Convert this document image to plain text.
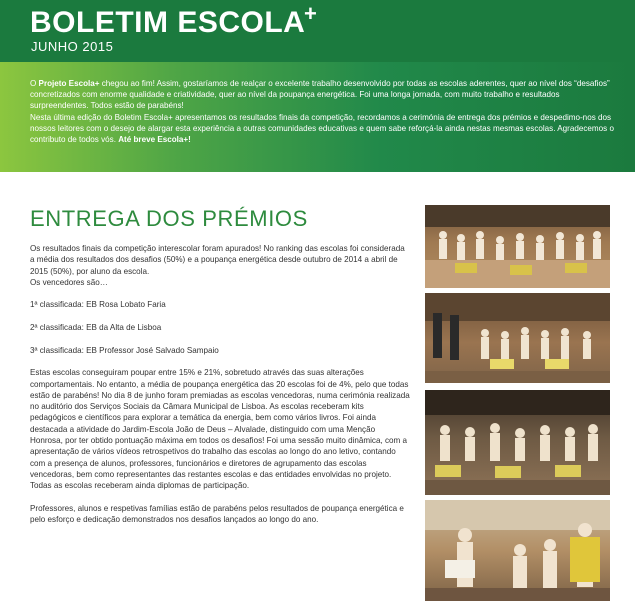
BOLETIM ESCOLA
+
JUNHO 2015

O Projeto Escola+ chegou ao fim! Assim, gostaríamos de realçar o excelente trabalho desenvolvido por todas as escolas aderentes, quer ao nível dos “desafios” concretizados com enorme qualidade e criatividade, quer ao nível da poupança energética. Foi uma longa jornada, com muito trabalho e resultados surpreendentes. Todos estão de parabéns!

Nesta última edição do Boletim Escola+ apresentamos os resultados finais da competição, recordamos a cerimónia de entrega dos prémios e despedimo-nos dos nossos leitores com o desejo de alargar esta experiência a outras comunidades educativas e quem sabe reforçá-la ainda nestas mesmas escolas. Agradecemos o contributo de todos vós. Até breve Escola+!

ENTREGA DOS PRÉMIOS

Os resultados finais da competição interescolar foram apurados! No ranking das escolas foi considerada a média dos resultados dos desafios (50%) e a poupança energética desde outubro de 2014 a abril de 2015 (50%), por aluno da escola.

Os vencedores são…

1ª classificada: EB Rosa Lobato Faria

2ª classificada: EB da Alta de Lisboa

3ª classificada: EB Professor José Salvado Sampaio

Estas escolas conseguiram poupar entre 15% e 21%, sobretudo através das suas alterações comportamentais. No entanto, a média de poupança energética das 20 escolas foi de 4%, pelo que todas estão de parabéns! No dia 8 de junho foram premiadas as escolas vencedoras, numa cerimónia realizada no auditório dos Serviços Sociais da Câmara Municipal de Lisboa. As escolas receberam kits pedagógicos e científicos para explorar a temática da energia, bem como vários livros. Foi ainda destacada a atividade do Jardim-Escola João de Deus – Alvalade, distinguido com uma Menção Honrosa, por ter obtido pontuação máxima em todos os desafios! Foi uma sessão muito dinâmica, com a apresentação de vários vídeos retrospetivos do trabalho das escolas ao longo do ano letivo, contando com a presença de alunos, professores, funcionários e diretores de agrupamento das escolas vencedoras, bem como representantes das restantes escolas e das entidades envolvidas no projeto. Todas as escolas receberam ainda diplomas de participação.

Professores, alunos e respetivas famílias estão de parabéns pelos resultados de poupança energética e pelo esforço e dedicação demonstrados nos desafios lançados ao longo do ano.
